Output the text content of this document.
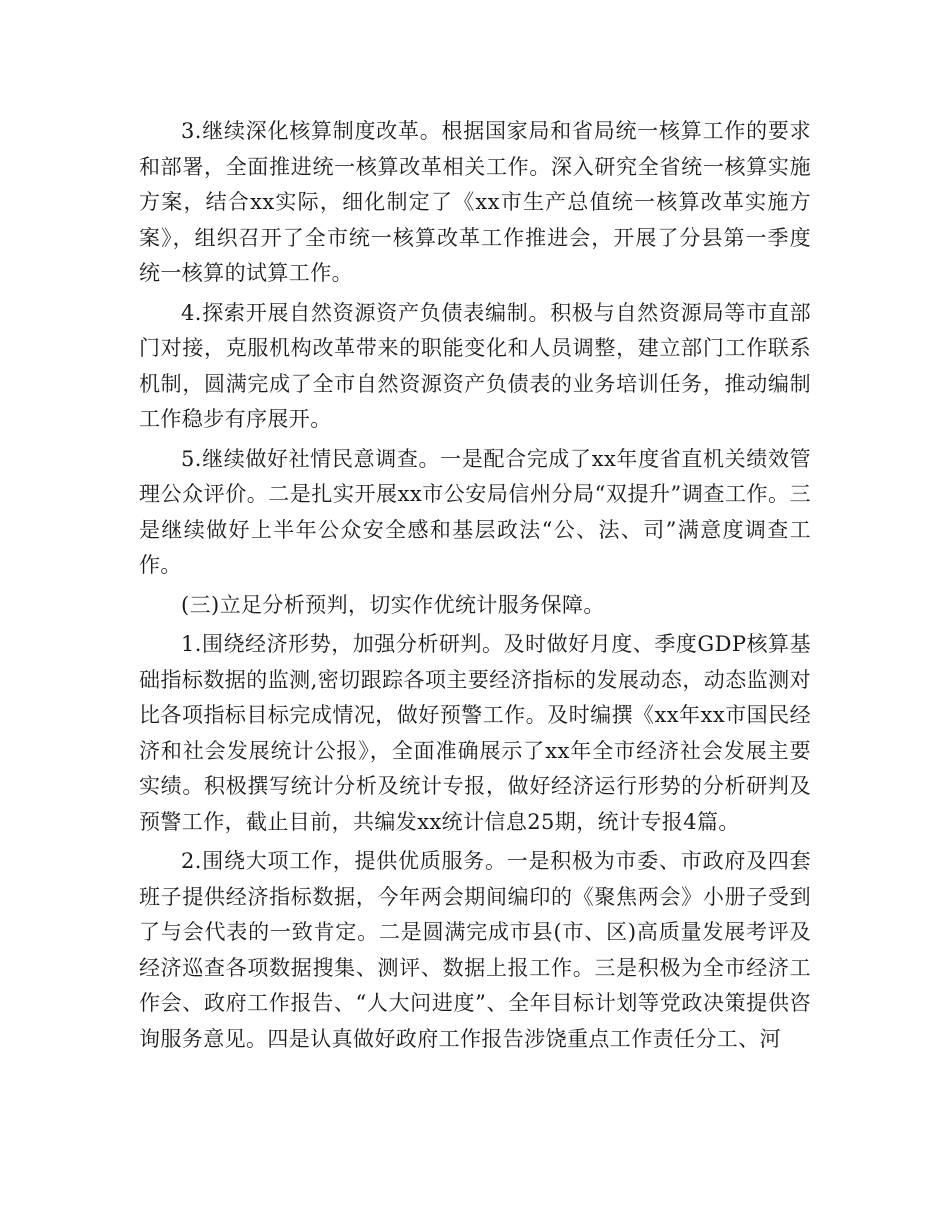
3.继续深化核算制度改革。根据国家局和省局统一核算工作的要求和部署，全面推进统一核算改革相关工作。深入研究全省统一核算实施方案，结合xx实际，细化制定了《xx市生产总值统一核算改革实施方案》，组织召开了全市统一核算改革工作推进会，开展了分县第一季度统一核算的试算工作。

4.探索开展自然资源资产负债表编制。积极与自然资源局等市直部门对接，克服机构改革带来的职能变化和人员调整，建立部门工作联系机制，圆满完成了全市自然资源资产负债表的业务培训任务，推动编制工作稳步有序展开。

5.继续做好社情民意调查。一是配合完成了xx年度省直机关绩效管理公众评价。二是扎实开展xx市公安局信州分局“双提升”调查工作。三是继续做好上半年公众安全感和基层政法“公、法、司”满意度调查工作。

(三)立足分析预判，切实作优统计服务保障。

1.围绕经济形势，加强分析研判。及时做好月度、季度GDP核算基础指标数据的监测,密切跟踪各项主要经济指标的发展动态，动态监测对比各项指标目标完成情况，做好预警工作。及时编撰《xx年xx市国民经济和社会发展统计公报》，全面准确展示了xx年全市经济社会发展主要实绩。积极撰写统计分析及统计专报，做好经济运行形势的分析研判及预警工作，截止目前，共编发xx统计信息25期，统计专报4篇。

2.围绕大项工作，提供优质服务。一是积极为市委、市政府及四套班子提供经济指标数据，今年两会期间编印的《聚焦两会》小册子受到了与会代表的一致肯定。二是圆满完成市县(市、区)高质量发展考评及经济巡查各项数据搜集、测评、数据上报工作。三是积极为全市经济工作会、政府工作报告、“人大问进度”、全年目标计划等党政决策提供咨询服务意见。四是认真做好政府工作报告涉饶重点工作责任分工、河
